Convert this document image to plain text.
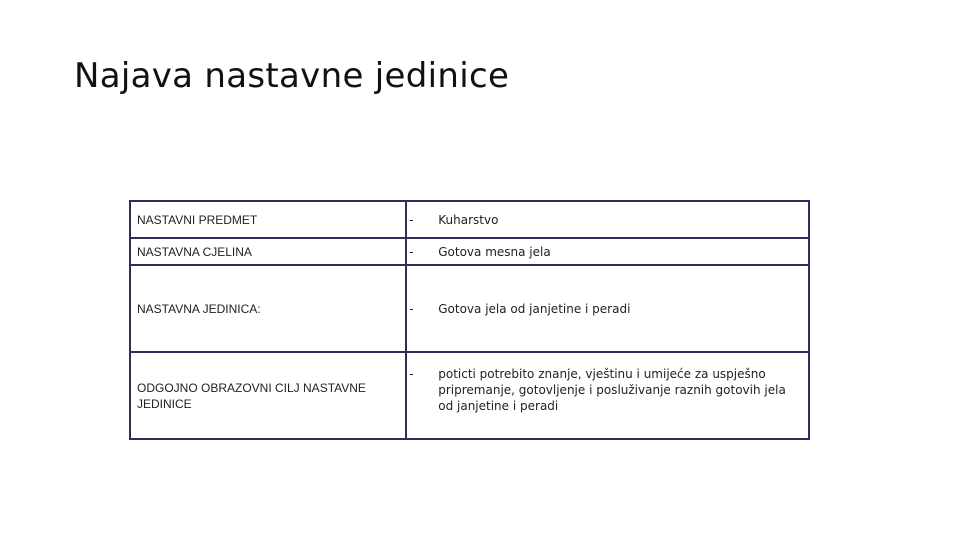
Najava nastavne jedinice
NASTAVNI PREDMET	- Kuharstvo

NASTAVNA CJELINA	- Gotova mesna jela

NASTAVNA JEDINICA:	- Gotova jela od janjetine i peradi

ODGOJNO OBRAZOVNI CILJ NASTAVNE JEDINICE	- poticti potrebito znanje, vještinu i umijeće za uspješno pripremanje, gotovljenje i posluživanje raznih gotovih jela od janjetine i peradi
